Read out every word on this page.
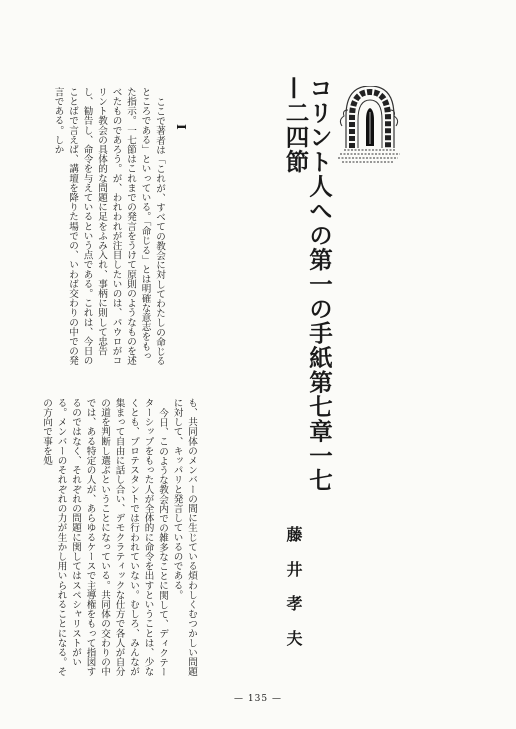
コリント人への第一の手紙第七章一七—二四節
藤
井
孝
夫
I

ここで著者は「これが、すべての教会に対してわたしの命じるところである」といっている。「命じる」とは明確な意志をもった指示。一七節はこれまでの発言をうけて原則のようなものを述べたものであろう。が、われわれが注目したいのは、パウロがコリント教会の具体的な問題に足をふみ入れ、事柄に則して忠告し、勧告し、命令を与えているという点である。これは、今日のことばで言えば、講壇を降りた場での、いわば交わりの中での発言である。しか

も、共同体のメンバーの間に生じている煩わしくむつかしい問題に対して、キッパリと発言しているのである。

今日、このような教会内での雑多なことに関して、ディクテーターシップをもった人が全体的に命令を出すということは、少なくとも、プロテスタントでは行われていない。むしろ、みんなが集まって自由に話し合い、デモクラティックな仕方で各人が自分の道を判断し選ぶということになっている。共同体の交わりの中では、ある特定の人が、あらゆるケースで主導権をもって指図するのではなく、それぞれの問題に関してはスペシャリストがいる。メンバーのそれぞれの力が生かし用いられることになる。その方向で事を処

— 135 —
